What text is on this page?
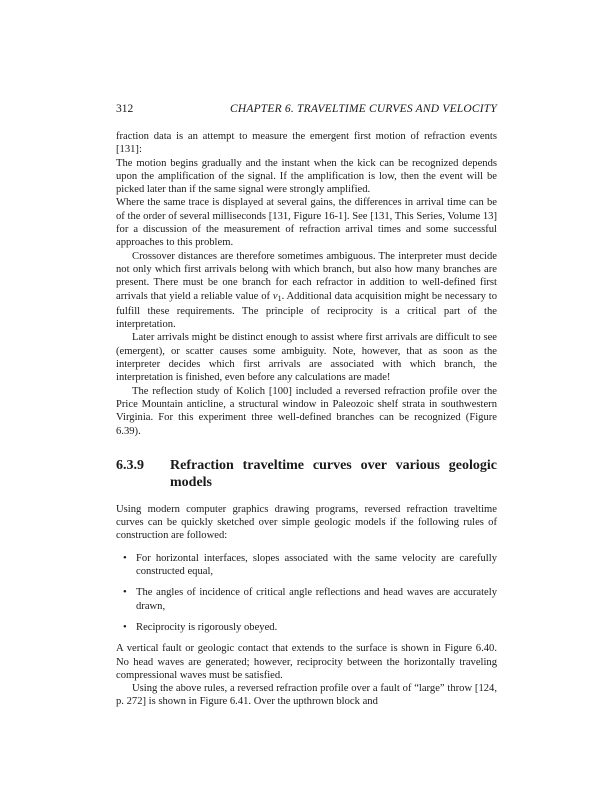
312	CHAPTER 6. TRAVELTIME CURVES AND VELOCITY

fraction data is an attempt to measure the emergent first motion of refraction events [131]:

The motion begins gradually and the instant when the kick can be recognized depends upon the amplification of the signal. If the amplification is low, then the event will be picked later than if the same signal were strongly amplified.

Where the same trace is displayed at several gains, the differences in arrival time can be of the order of several milliseconds [131, Figure 16-1]. See [131, This Series, Volume 13] for a discussion of the measurement of refraction arrival times and some successful approaches to this problem.

Crossover distances are therefore sometimes ambiguous. The interpreter must decide not only which first arrivals belong with which branch, but also how many branches are present. There must be one branch for each refractor in addition to well-defined first arrivals that yield a reliable value of $v_1$. Additional data acquisition might be necessary to fulfill these requirements. The principle of reciprocity is a critical part of the interpretation.

Later arrivals might be distinct enough to assist where first arrivals are difficult to see (emergent), or scatter causes some ambiguity. Note, however, that as soon as the interpreter decides which first arrivals are associated with which branch, the interpretation is finished, even before any calculations are made!

The reflection study of Kolich [100] included a reversed refraction profile over the Price Mountain anticline, a structural window in Paleozoic shelf strata in southwestern Virginia. For this experiment three well-defined branches can be recognized (Figure 6.39).

6.3.9	Refraction traveltime curves over various geologic models

Using modern computer graphics drawing programs, reversed refraction traveltime curves can be quickly sketched over simple geologic models if the following rules of construction are followed:

• For horizontal interfaces, slopes associated with the same velocity are carefully constructed equal,
• The angles of incidence of critical angle reflections and head waves are accurately drawn,
• Reciprocity is rigorously obeyed.

A vertical fault or geologic contact that extends to the surface is shown in Figure 6.40. No head waves are generated; however, reciprocity between the horizontally traveling compressional waves must be satisfied.

Using the above rules, a reversed refraction profile over a fault of “large” throw [124, p. 272] is shown in Figure 6.41. Over the upthrown block and
